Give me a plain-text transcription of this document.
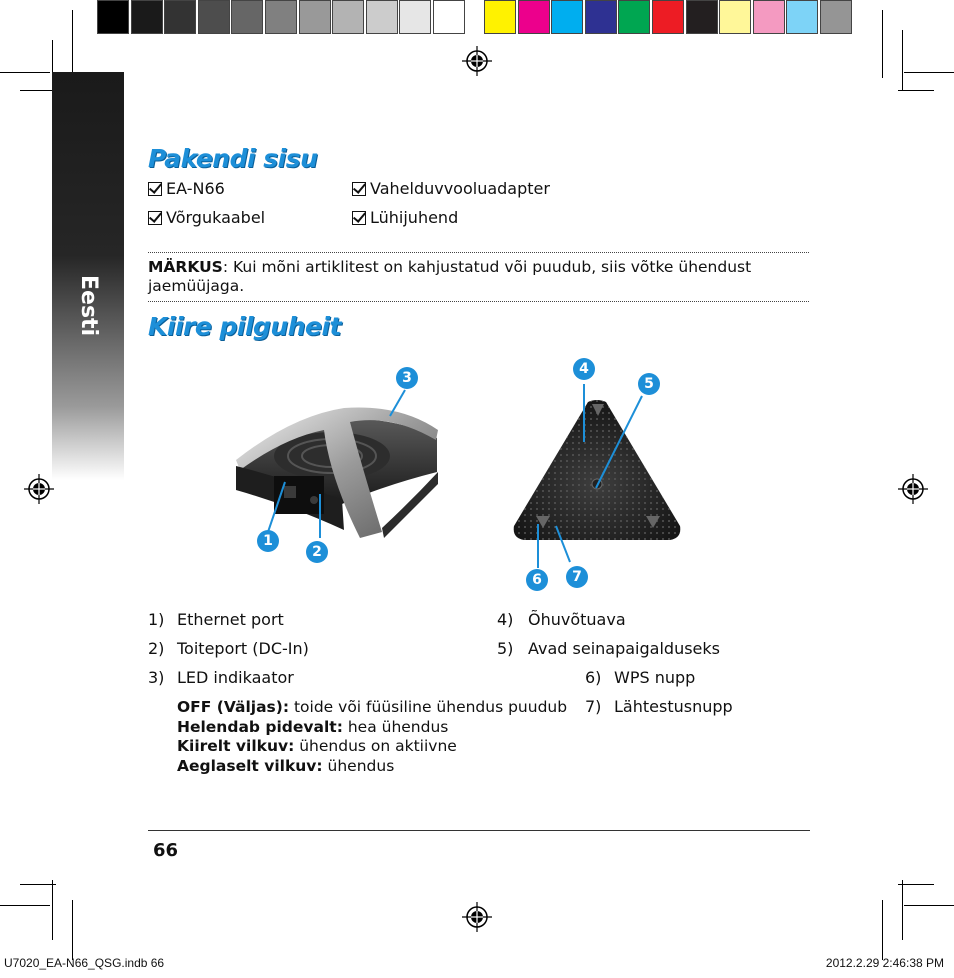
Eesti
Pakendi sisu
EA-N66	Vahelduvvooluadapter
Võrgukaabel	Lühijuhend
MÄRKUS: Kui mõni artiklitest on kahjustatud või puudub, siis võtke ühendust jaemüüjaga.
Kiire pilguheit
1
2
3
4
5
6	7
1) Ethernet port
2) Toiteport (DC-In)
3) LED indikaator
4) Õhuvõtuava
5) Avad seinapaigalduseks
6) WPS nupp
7) Lähtestusnupp
OFF (Väljas): toide või füüsiline ühendus puudub
Helendab pidevalt: hea ühendus
Kiirelt vilkuv: ühendus on aktiivne
Aeglaselt vilkuv: ühendus
66
U7020_EA-N66_QSG.indb 66	2012.2.29 2:46:38 PM
